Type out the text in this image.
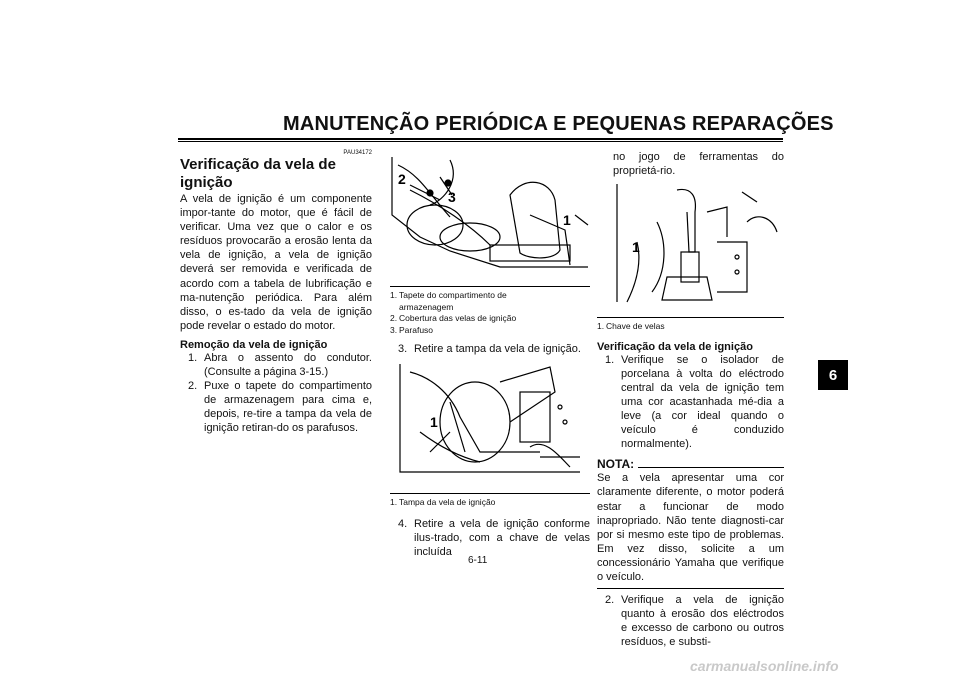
MANUTENÇÃO PERIÓDICA E PEQUENAS REPARAÇÕES
6
PAU34172
Verificação da vela de ignição
A vela de ignição é um componente impor-tante do motor, que é fácil de verificar. Uma vez que o calor e os resíduos provocarão a erosão lenta da vela de ignição, a vela de ignição deverá ser removida e verificada de acordo com a tabela de lubrificação e ma-nutenção periódica. Para além disso, o es-tado da vela de ignição pode revelar o estado do motor.
Remoção da vela de ignição
1. Abra o assento do condutor. (Consulte a página 3-15.)
2. Puxe o tapete do compartimento de armazenagem para cima e, depois, re-tire a tampa da vela de ignição retiran-do os parafusos.
2
3
1
1. Tapete do compartimento de armazenagem
2. Cobertura das velas de ignição
3. Parafuso
3. Retire a tampa da vela de ignição.
1
1. Tampa da vela de ignição
4. Retire a vela de ignição conforme ilus-trado, com a chave de velas incluída
no jogo de ferramentas do proprietá-rio.
1
1. Chave de velas
Verificação da vela de ignição
1. Verifique se o isolador de porcelana à volta do eléctrodo central da vela de ignição tem uma cor acastanhada mé-dia a leve (a cor ideal quando o veículo é conduzido normalmente).
NOTA:
Se a vela apresentar uma cor claramente diferente, o motor poderá estar a funcionar de modo inapropriado. Não tente diagnosti-car por si mesmo este tipo de problemas. Em vez disso, solicite a um concessionário Yamaha que verifique o veículo.
2. Verifique a vela de ignição quanto à erosão dos eléctrodos e excesso de carbono ou outros resíduos, e substi-
6-11
carmanualsonline.info
